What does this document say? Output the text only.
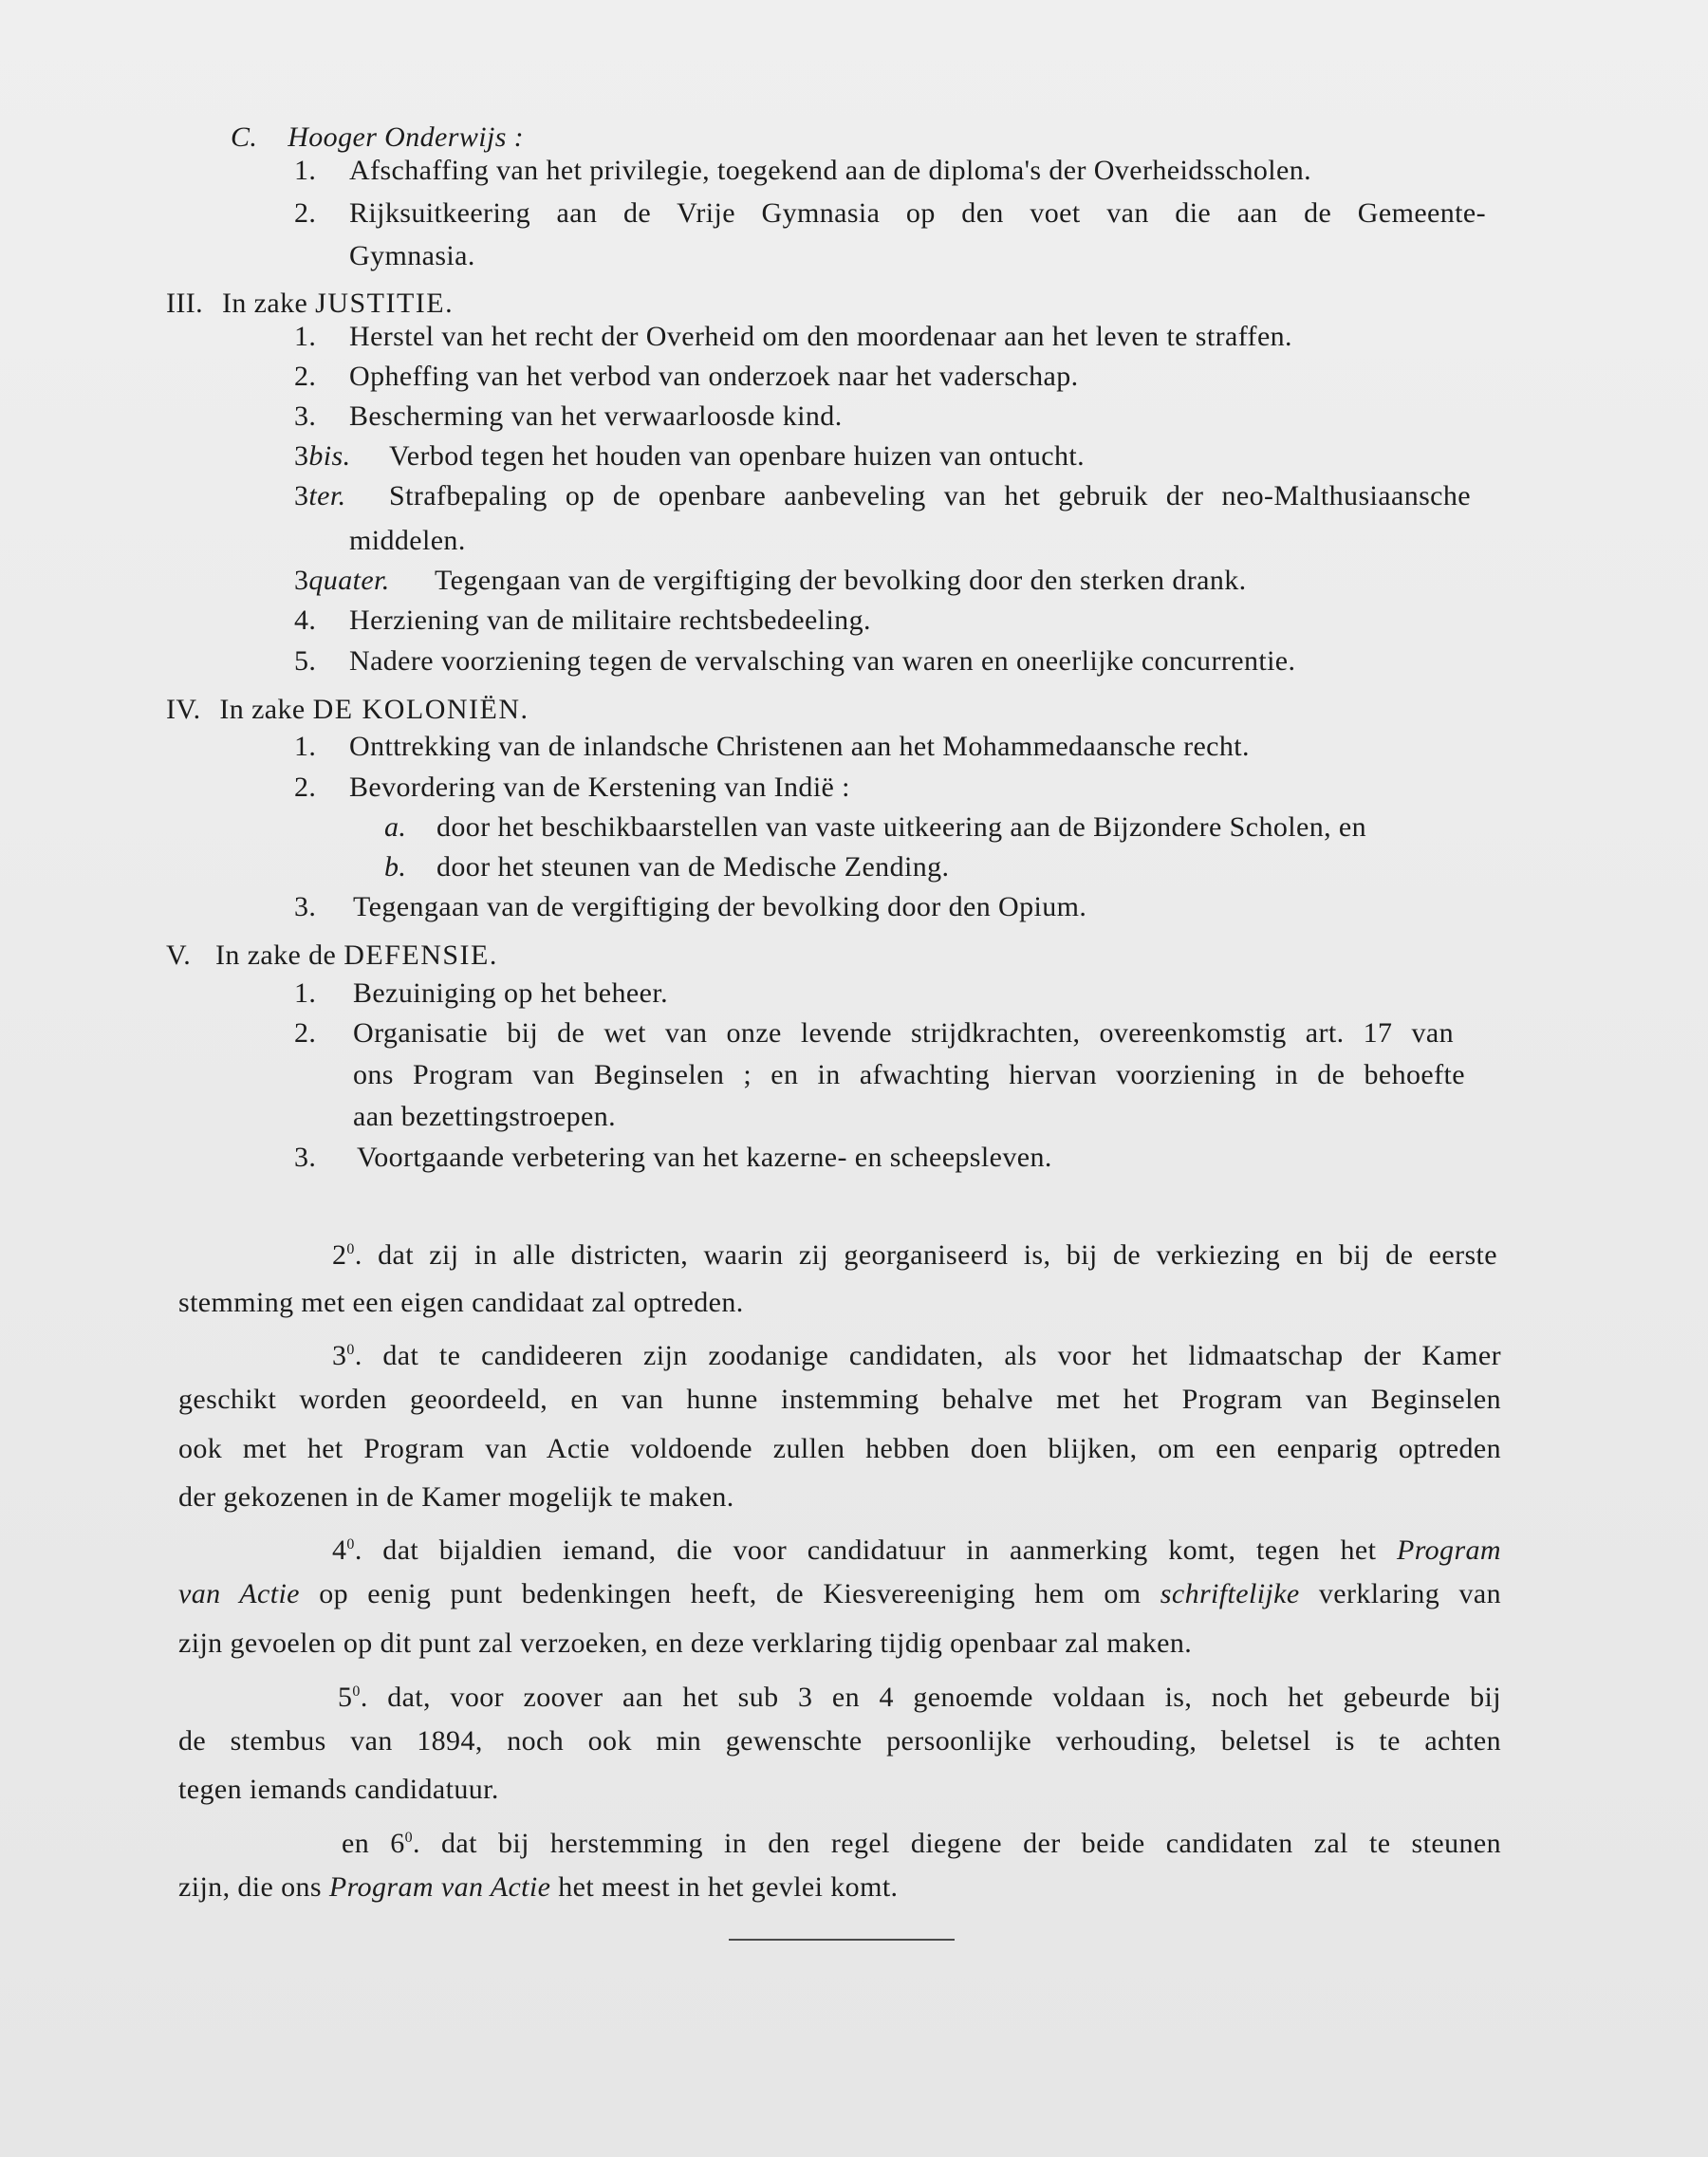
C. Hooger Onderwijs :
1. Afschaffing van het privilegie, toegekend aan de diploma's der Overheidsscholen.
2. Rijksuitkeering aan de Vrije Gymnasia op den voet van die aan de Gemeente-
Gymnasia.
III. In zake JUSTITIE.
1. Herstel van het recht der Overheid om den moordenaar aan het leven te straffen.
2. Opheffing van het verbod van onderzoek naar het vaderschap.
3. Bescherming van het verwaarloosde kind.
3bis. Verbod tegen het houden van openbare huizen van ontucht.
3ter. Strafbepaling op de openbare aanbeveling van het gebruik der neo-Malthusiaansche
middelen.
3quater. Tegengaan van de vergiftiging der bevolking door den sterken drank.
4. Herziening van de militaire rechtsbedeeling.
5. Nadere voorziening tegen de vervalsching van waren en oneerlijke concurrentie.
IV. In zake DE KOLONIËN.
1. Onttrekking van de inlandsche Christenen aan het Mohammedaansche recht.
2. Bevordering van de Kerstening van Indië :
a. door het beschikbaarstellen van vaste uitkeering aan de Bijzondere Scholen, en
b. door het steunen van de Medische Zending.
3. Tegengaan van de vergiftiging der bevolking door den Opium.
V. In zake de DEFENSIE.
1. Bezuiniging op het beheer.
2. Organisatie bij de wet van onze levende strijdkrachten, overeenkomstig art. 17 van
ons Program van Beginselen ; en in afwachting hiervan voorziening in de behoefte
aan bezettingstroepen.
3. Voortgaande verbetering van het kazerne- en scheepsleven.
$2^0$. dat zij in alle districten, waarin zij georganiseerd is, bij de verkiezing en bij de eerste
stemming met een eigen candidaat zal optreden.
$3^0$. dat te candideeren zijn zoodanige candidaten, als voor het lidmaatschap der Kamer
geschikt worden geoordeeld, en van hunne instemming behalve met het Program van Beginselen
ook met het Program van Actie voldoende zullen hebben doen blijken, om een eenparig optreden
der gekozenen in de Kamer mogelijk te maken.
$4^0$. dat bijaldien iemand, die voor candidatuur in aanmerking komt, tegen het Program
van Actie op eenig punt bedenkingen heeft, de Kiesvereeniging hem om schriftelijke verklaring van
zijn gevoelen op dit punt zal verzoeken, en deze verklaring tijdig openbaar zal maken.
$5^0$. dat, voor zoover aan het sub 3 en 4 genoemde voldaan is, noch het gebeurde bij
de stembus van 1894, noch ook min gewenschte persoonlijke verhouding, beletsel is te achten
tegen iemands candidatuur.
en $6^0$. dat bij herstemming in den regel diegene der beide candidaten zal te steunen
zijn, die ons Program van Actie het meest in het gevlei komt.
